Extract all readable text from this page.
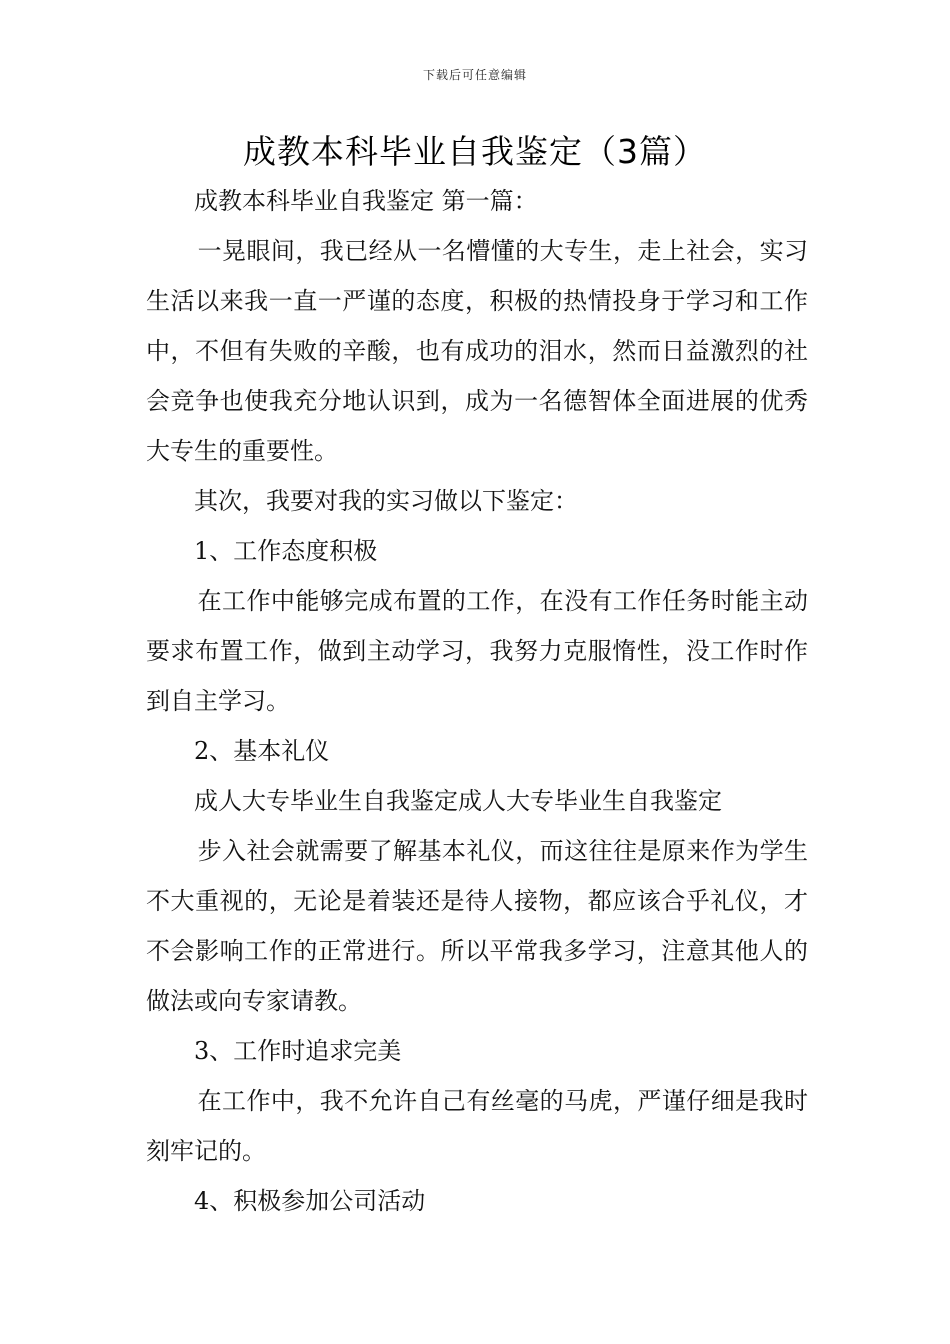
下载后可任意编辑
成教本科毕业自我鉴定（3篇）

成教本科毕业自我鉴定 第一篇：

一晃眼间，我已经从一名懵懂的大专生，走上社会，实习生活以来我一直一严谨的态度，积极的热情投身于学习和工作中，不但有失败的辛酸，也有成功的泪水，然而日益激烈的社会竞争也使我充分地认识到，成为一名德智体全面进展的优秀大专生的重要性。

其次，我要对我的实习做以下鉴定：

1、工作态度积极

在工作中能够完成布置的工作，在没有工作任务时能主动要求布置工作，做到主动学习，我努力克服惰性，没工作时作到自主学习。

2、基本礼仪

成人大专毕业生自我鉴定成人大专毕业生自我鉴定

步入社会就需要了解基本礼仪，而这往往是原来作为学生不大重视的，无论是着装还是待人接物，都应该合乎礼仪，才不会影响工作的正常进行。所以平常我多学习，注意其他人的做法或向专家请教。

3、工作时追求完美

在工作中，我不允许自己有丝毫的马虎，严谨仔细是我时刻牢记的。

4、积极参加公司活动
